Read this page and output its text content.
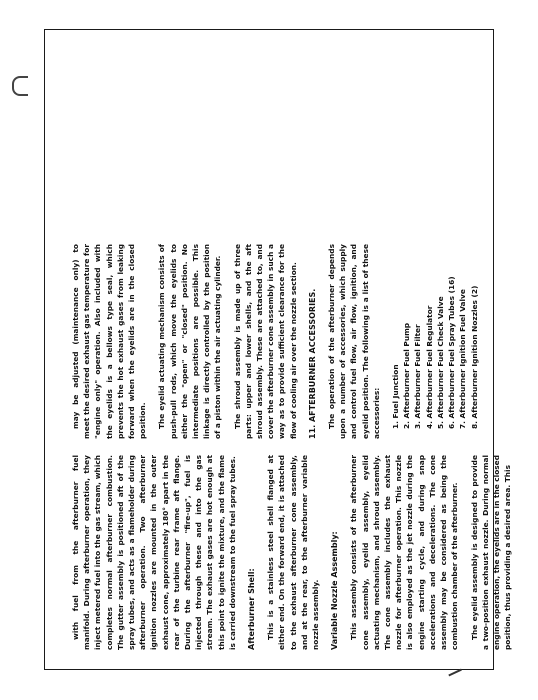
with fuel from the afterburner fuel manifold. During afterburner operation, they inject metered fuel into the gas stream, which completes normal afterburner combustion. The gutter assembly is positioned aft of the spray tubes, and acts as a flameholder during afterburner operation. Two afterburner ignition nozzles are mounted in the outer exhaust cone, approximately 180° apart in the rear of the turbine rear frame aft flange. During the afterburner "fire-up", fuel is injected through these and into the gas stream. The exhaust gases are hot enough at this point to ignite the mixture, and the flame is carried downstream to the fuel spray tubes. Afterburner Shell: This is a stainless steel shell flanged at either end. On the forward end, it is attached to the exhaust afterburner cone assembly, and at the rear, to the afterburner variable nozzle assembly. Variable Nozzle Assembly: This assembly consists of the afterburner cone assembly, eyelid assembly, eyelid actuating mechanism, and shroud assembly. The cone assembly includes the exhaust nozzle for afterburner operation. This nozzle is also employed as the jet nozzle during the engine starting cycle, and during snap accelerations and decelerations. The cone assembly may be considered as being the combustion chamber of the afterburner. The eyelid assembly is designed to provide a two-position exhaust nozzle. During normal engine operation, the eyelids are in the closed position, thus providing a desired area. This

may be adjusted (maintenance only) to meet the desired exhaust gas temperature for "engine only" operation. Also included with the eyelids is a bellows type seal, which prevents the hot exhaust gases from leaking forward when the eyelids are in the closed position. The eyelid actuating mechanism consists of push-pull rods, which move the eyelids to either the "open" or "closed" position. No intermediate positions are possible. This linkage is directly controlled by the position of a piston within the air actuating cylinder. The shroud assembly is made up of three parts: upper and lower shells, and the aft shroud assembly. These are attached to, and cover the afterburner cone assembly in such a way as to provide sufficient clearance for the flow of cooling air over the nozzle section. 11. AFTERBURNER ACCESSORIES. The operation of the afterburner depends upon a number of accessories, which supply and control fuel flow, air flow, ignition, and eyelid position. The following is a list of these accessories: 1. Fuel Junction 2. Afterburner Fuel Pump 3. Afterburner Fuel Filter 4. Afterburner Fuel Regulator 5. Afterburner Fuel Check Valve 6. Afterburner Fuel Spray Tubes (16) 7. Afterburner Ignition Fuel Valve 8. Afterburner Ignition Nozzles (2)
